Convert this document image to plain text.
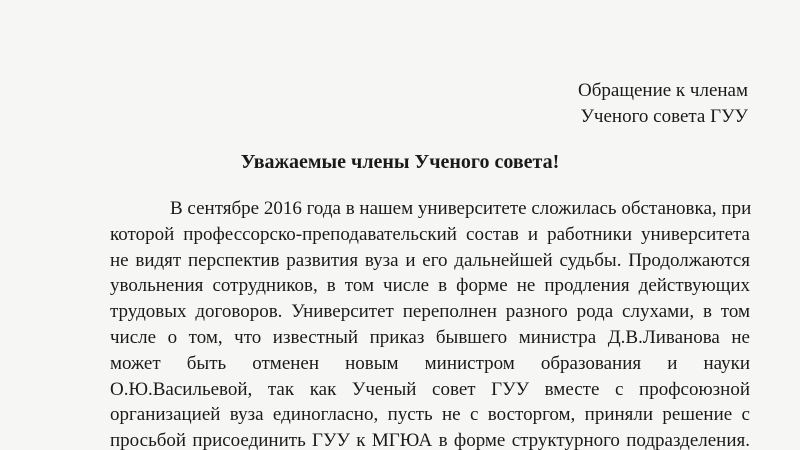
Обращение к членам
Ученого совета ГУУ
Уважаемые члены Ученого совета!
В сентябре 2016 года в нашем университете сложилась обстановка, при
которой профессорско-преподавательский состав и работники университета
не видят перспектив развития вуза и его дальнейшей судьбы. Продолжаются
увольнения сотрудников, в том числе в форме не продления действующих
трудовых договоров. Университет переполнен разного рода слухами, в том
числе о том, что известный приказ бывшего министра Д.В.Ливанова не
может быть отменен новым министром образования и науки
О.Ю.Васильевой, так как Ученый совет ГУУ вместе с профсоюзной
организацией вуза единогласно, пусть не с восторгом, приняли решение с
просьбой присоединить ГУУ к МГЮА в форме структурного подразделения.
